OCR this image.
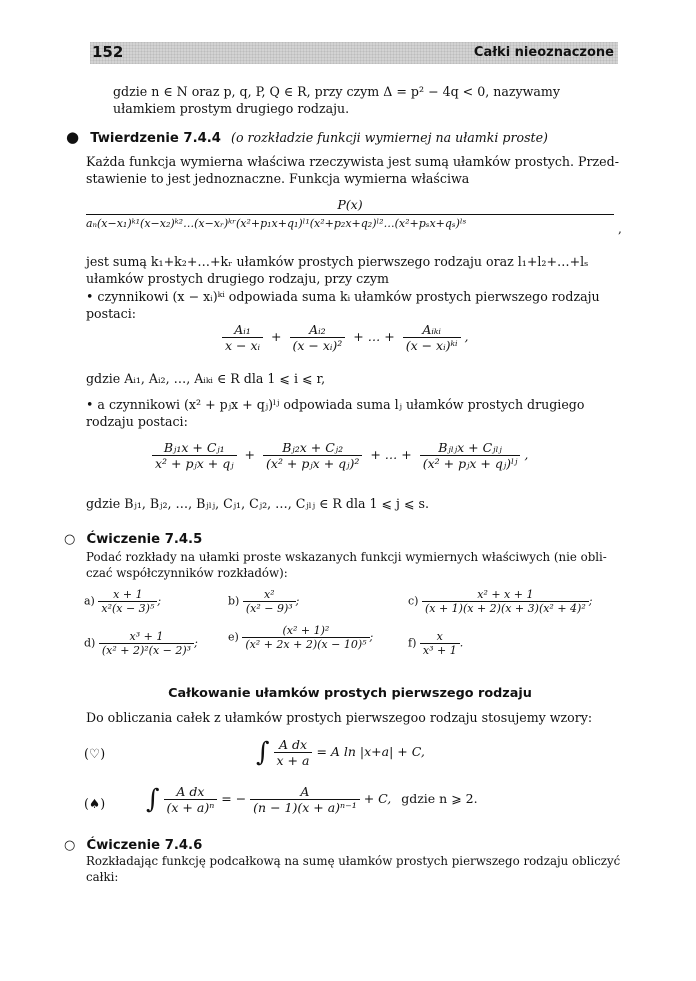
152	Całki nieoznaczone
gdzie n ∈ N oraz p, q, P, Q ∈ R, przy czym Δ = p² − 4q < 0, nazywamy
ułamkiem prostym drugiego rodzaju.
● Twierdzenie 7.4.4 (o rozkładzie funkcji wymiernej na ułamki proste)
Każda funkcja wymierna właściwa rzeczywista jest sumą ułamków prostych. Przed-
stawienie to jest jednoznaczne. Funkcja wymierna właściwa
P(x)
aₙ(x−x₁)ᵏ¹(x−x₂)ᵏ²…(x−xᵣ)ᵏʳ(x²+p₁x+q₁)ˡ¹(x²+p₂x+q₂)ˡ²…(x²+pₛx+qₛ)ˡˢ	,
jest sumą k₁+k₂+…+kᵣ ułamków prostych pierwszego rodzaju oraz l₁+l₂+…+lₛ
ułamków prostych drugiego rodzaju, przy czym
• czynnikowi (x − xᵢ)ᵏⁱ odpowiada suma kᵢ ułamków prostych pierwszego rodzaju
postaci:
$\frac{\text{Aᵢ₁}}{\text{x − xᵢ}} + \frac{\text{Aᵢ₂}}{\text{(x − xᵢ)²}}$ + … + $\frac{\text{Aᵢₖᵢ}}{\text{(x − xᵢ)ᵏⁱ}}$ ,
gdzie Aᵢ₁, Aᵢ₂, …, Aᵢₖᵢ ∈ R dla 1 ⩽ i ⩽ r,
• a czynnikowi (x² + pⱼx + qⱼ)ˡʲ odpowiada suma lⱼ ułamków prostych drugiego
rodzaju postaci:
$\frac{\text{Bⱼ₁x + Cⱼ₁}}{\text{x² + pⱼx + qⱼ}} + \frac{\text{Bⱼ₂x + Cⱼ₂}}{\text{(x² + pⱼx + qⱼ)²}}$ + … + $\frac{\text{Bⱼₗⱼx + Cⱼₗⱼ}}{\text{(x² + pⱼx + qⱼ)ˡʲ}}$ ,
gdzie Bⱼ₁, Bⱼ₂, …, Bⱼₗⱼ, Cⱼ₁, Cⱼ₂, …, Cⱼₗⱼ ∈ R dla 1 ⩽ j ⩽ s.
○ Ćwiczenie 7.4.5
Podać rozkłady na ułamki proste wskazanych funkcji wymiernych właściwych (nie obli-
czać współczynników rozkładów):
$a) \frac{x + 1}{\text{x²(x − 3)⁵}}$ ;	$b) \frac{\text{x²}}{\text{(x² − 9)³}}$ ;	$c) \frac{\text{x² + x + 1}}{\text{(x + 1)(x + 2)(x + 3)(x² + 4)²}}$ ;
$d) \frac{\text{x³ + 1}}{\text{(x² + 2)²(x − 2)³}}$ ;	$e) \frac{\text{(x² + 1)²}}{\text{(x² + 2x + 2)(x − 10)⁵}}$ ;	$f) \frac{x}{\text{x³ + 1}}$ .
Całkowanie ułamków prostych pierwszego rodzaju
Do obliczania całek z ułamków prostych pierwszegoo rodzaju stosujemy wzory:
(♡)	∫ $\frac{\text{A dx}}{x + a} = A$ ln |x+a| + C,
(♠) ∫ $\frac{\text{A dx}}{\text{(x + a)ⁿ}}$ = − $\frac{A}{\text{(n − 1)(x + a)ⁿ⁻¹}} + C$, gdzie n ⩾ 2.
○ Ćwiczenie 7.4.6
Rozkładając funkcję podcałkową na sumę ułamków prostych pierwszego rodzaju obliczyć
całki:
